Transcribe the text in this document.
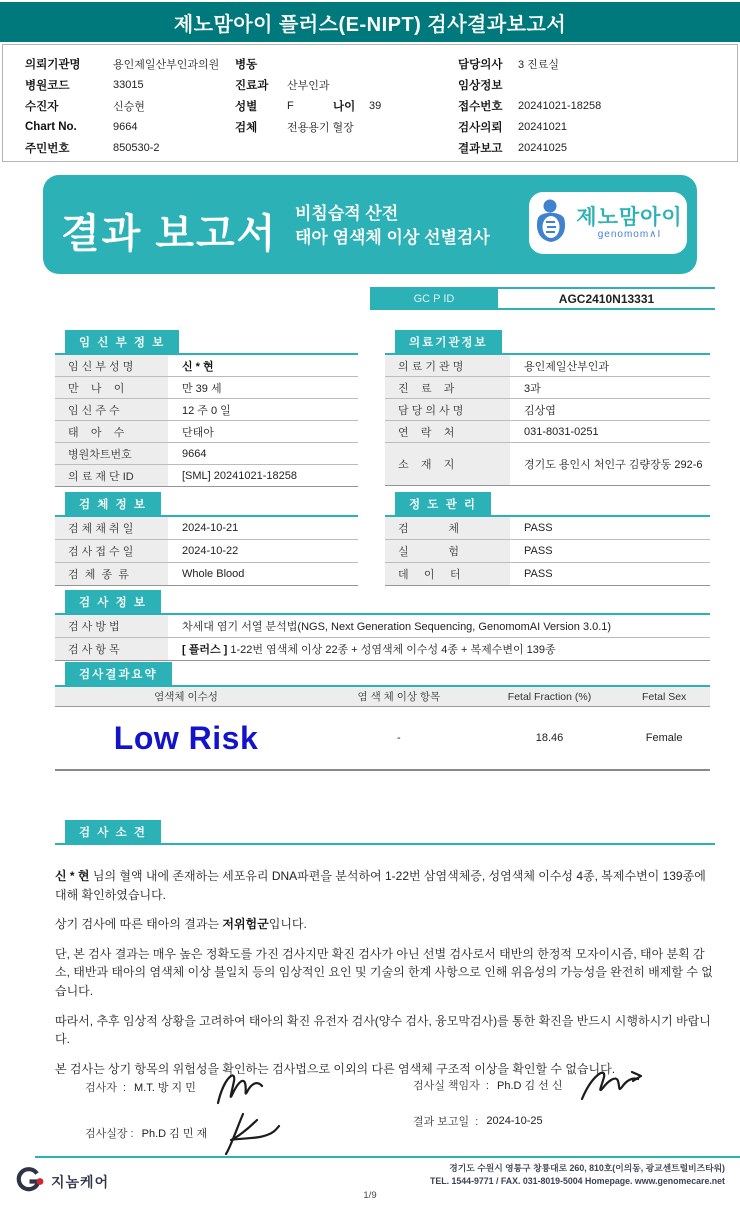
제노맘아이 플러스(E-NIPT) 검사결과보고서
의뢰기관명	용인제일산부인과의원
병원코드	33015
수진자	신승현
Chart No.	9664
주민번호	850530-2
병동
진료과	산부인과
성별	F	나이	39
검체	전용용기 혈장
담당의사	3 진료실
임상정보
접수번호	20241021-18258
검사의뢰	20241021
결과보고	20241025
결과 보고서 비침습적 산전
태아 염색체 이상 선별검사
제노맘아이
genomom∧I
GC P ID	AGC2410N13331
임 신 부 정 보
임 신 부 성 명	신 * 현
만    나    이	만 39 세
임 신 주 수	12 주 0 일
태    아    수	단태아
병원차트번호	9664
의 료 재 단 ID	[SML] 20241021-18258
의료기관정보
의 료 기 관 명	용인제일산부인과
진    료    과	3과
담 당 의 사 명	김상엽
연    락    처	031-8031-0251
소    재    지	경기도 용인시 처인구 김량장동 292-6
검 체 정 보
검 체 채 취 일	2024-10-21
검 사 접 수 일	2024-10-22
검  체  종  류	Whole Blood
정 도 관 리
검             체	PASS
실             험	PASS
데     이     터	PASS
검 사 정 보
검 사 방 법	차세대 염기 서열 분석법(NGS, Next Generation Sequencing, GenomomAI Version 3.0.1)
검 사 항 목	[ 플러스 ] 1-22번 염색체 이상 22종 + 성염색체 이수성 4종 + 복제수변이 139종
검사결과요약
염색체 이수성	염 색 체 이상 항목	Fetal Fraction (%)	Fetal Sex
Low Risk	-	18.46	Female
검 사 소 견

신 * 현 님의 혈액 내에 존재하는 세포유리 DNA파편을 분석하여 1-22번 삼염색체증, 성염색체 이수성 4종, 복제수변이 139종에 대해 확인하였습니다.

상기 검사에 따른 태아의 결과는 저위험군입니다.

단, 본 검사 결과는 매우 높은 정확도를 가진 검사지만 확진 검사가 아닌 선별 검사로서 태반의 한정적 모자이시즘, 태아 분획 감소, 태반과 태아의 염색체 이상 불일치 등의 임상적인 요인 및 기술의 한계 사항으로 인해 위음성의 가능성을 완전히 배제할 수 없습니다.

따라서, 추후 임상적 상황을 고려하여 태아의 확진 유전자 검사(양수 검사, 융모막검사)를 통한 확진을 반드시 시행하시기 바랍니다.

본 검사는 상기 항목의 위험성을 확인하는 검사법으로 이외의 다른 염색체 구조적 이상을 확인할 수 없습니다.

검사자  : M.T. 방 지 민
검사실장 : Ph.D 김 민 재
검사실 책임자  : Ph.D 김 선 신
결과 보고일  : 2024-10-25
지놈케어
경기도 수원시 영통구 창룡대로 260, 810호(이의동, 광교센트럴비즈타워)
TEL. 1544-9771 / FAX. 031-8019-5004 Homepage. www.genomecare.net
1/9
